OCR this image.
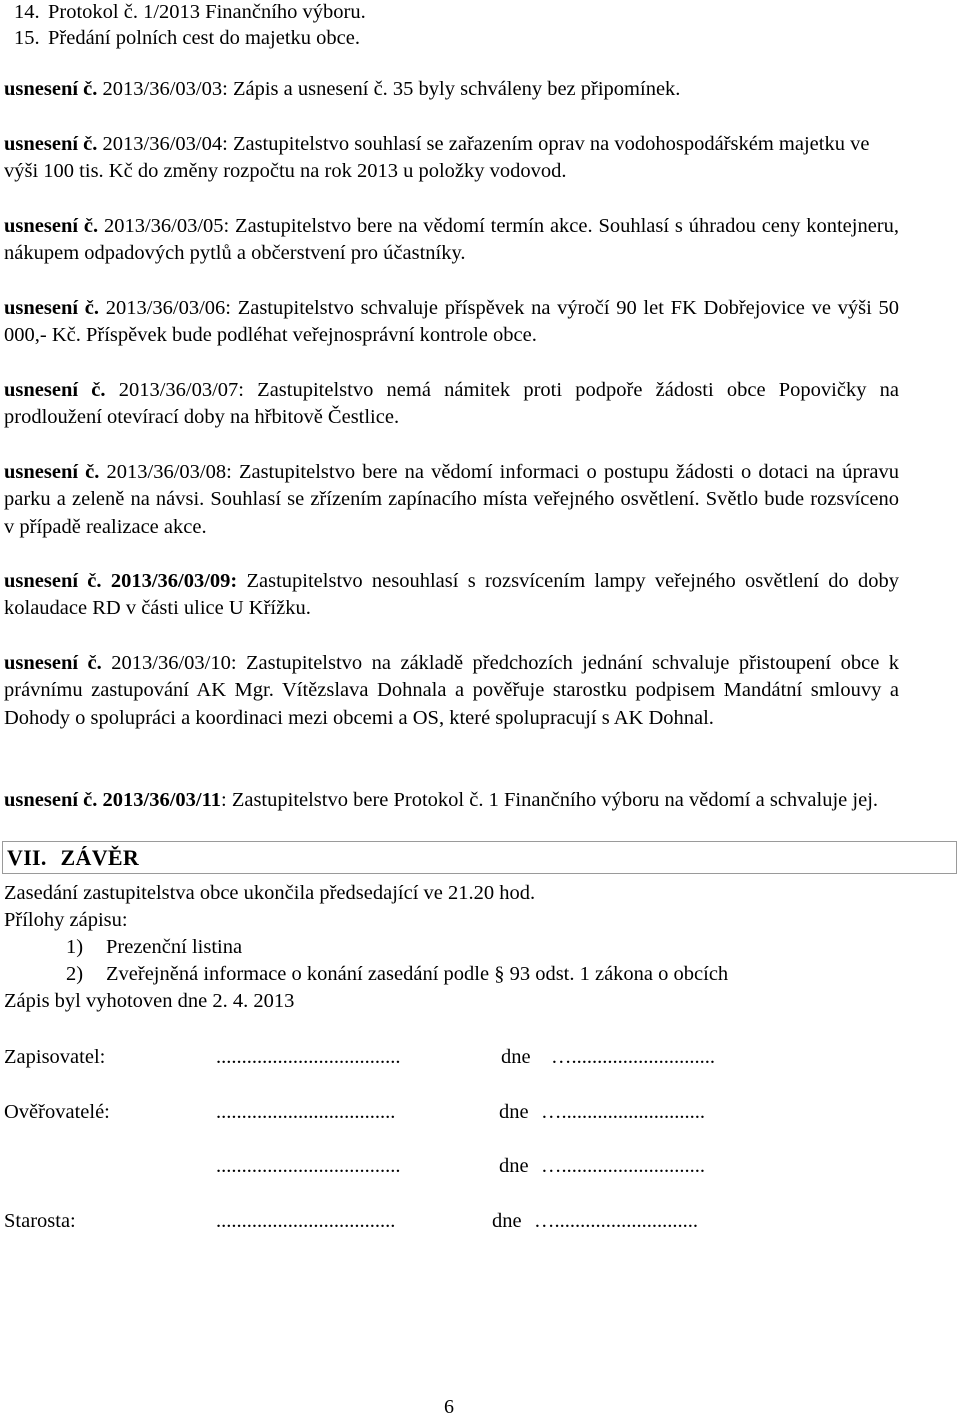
14. Protokol č. 1/2013 Finančního výboru.
15. Předání polních cest do majetku obce.

usnesení č. 2013/36/03/03: Zápis a usnesení č. 35 byly schváleny bez připomínek.

usnesení č. 2013/36/03/04: Zastupitelstvo souhlasí se zařazením oprav na vodohospodářském majetku ve výši 100 tis. Kč do změny rozpočtu na rok 2013 u položky vodovod.

usnesení č. 2013/36/03/05: Zastupitelstvo bere na vědomí termín akce. Souhlasí s úhradou ceny kontejneru, nákupem odpadových pytlů a občerstvení pro účastníky.

usnesení č. 2013/36/03/06: Zastupitelstvo schvaluje příspěvek na výročí 90 let FK Dobřejovice ve výši 50 000,- Kč. Příspěvek bude podléhat veřejnosprávní kontrole obce.

usnesení č. 2013/36/03/07: Zastupitelstvo nemá námitek proti podpoře žádosti obce Popovičky na prodloužení otevírací doby na hřbitově Čestlice.

usnesení č. 2013/36/03/08: Zastupitelstvo bere na vědomí informaci o postupu žádosti o dotaci na úpravu parku a zeleně na návsi. Souhlasí se zřízením zapínacího místa veřejného osvětlení. Světlo bude rozsvíceno v případě realizace akce.

usnesení č. 2013/36/03/09: Zastupitelstvo nesouhlasí s rozsvícením lampy veřejného osvětlení do doby kolaudace RD v části ulice U Křížku.

usnesení č. 2013/36/03/10: Zastupitelstvo na základě předchozích jednání schvaluje přistoupení obce k právnímu zastupování AK Mgr. Vítězslava Dohnala a pověřuje starostku podpisem Mandátní smlouvy a Dohody o spolupráci a koordinaci mezi obcemi a OS, které spolupracují s AK Dohnal.

usnesení č. 2013/36/03/11: Zastupitelstvo bere Protokol č. 1 Finančního výboru na vědomí a schvaluje jej.

VII. ZÁVĚR
Zasedání zastupitelstva obce ukončila předsedající ve 21.20 hod.
Přílohy zápisu:
1) Prezenční listina
2) Zveřejněná informace o konání zasedání podle § 93 odst. 1 zákona o obcích
Zápis byl vyhotoven dne 2. 4. 2013
Zapisovatel:	....................................	dne …............................
Ověřovatelé:	...................................	dne …............................
....................................	dne …............................
Starosta:	...................................	dne …............................
6
